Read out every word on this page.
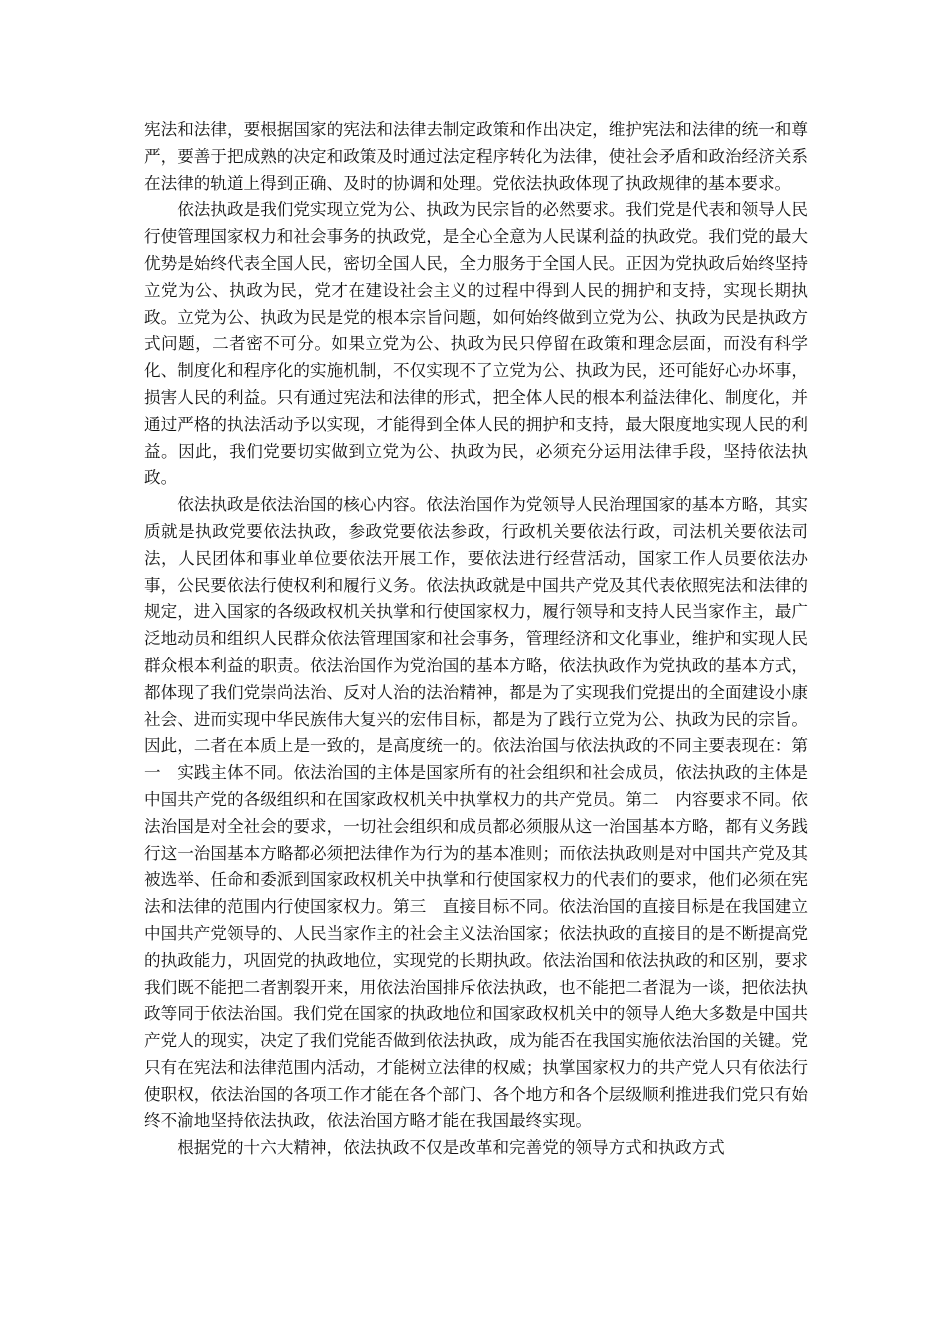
宪法和法律，要根据国家的宪法和法律去制定政策和作出决定，维护宪法和法律的统一和尊严，要善于把成熟的决定和政策及时通过法定程序转化为法律，使社会矛盾和政治经济关系在法律的轨道上得到正确、及时的协调和处理。党依法执政体现了执政规律的基本要求。

依法执政是我们党实现立党为公、执政为民宗旨的必然要求。我们党是代表和领导人民行使管理国家权力和社会事务的执政党，是全心全意为人民谋利益的执政党。我们党的最大优势是始终代表全国人民，密切全国人民，全力服务于全国人民。正因为党执政后始终坚持立党为公、执政为民，党才在建设社会主义的过程中得到人民的拥护和支持，实现长期执政。立党为公、执政为民是党的根本宗旨问题，如何始终做到立党为公、执政为民是执政方式问题，二者密不可分。如果立党为公、执政为民只停留在政策和理念层面，而没有科学化、制度化和程序化的实施机制，不仅实现不了立党为公、执政为民，还可能好心办坏事，损害人民的利益。只有通过宪法和法律的形式，把全体人民的根本利益法律化、制度化，并通过严格的执法活动予以实现，才能得到全体人民的拥护和支持，最大限度地实现人民的利益。因此，我们党要切实做到立党为公、执政为民，必须充分运用法律手段，坚持依法执政。

依法执政是依法治国的核心内容。依法治国作为党领导人民治理国家的基本方略，其实质就是执政党要依法执政，参政党要依法参政，行政机关要依法行政，司法机关要依法司法，人民团体和事业单位要依法开展工作，要依法进行经营活动，国家工作人员要依法办事，公民要依法行使权利和履行义务。依法执政就是中国共产党及其代表依照宪法和法律的规定，进入国家的各级政权机关执掌和行使国家权力，履行领导和支持人民当家作主，最广泛地动员和组织人民群众依法管理国家和社会事务，管理经济和文化事业，维护和实现人民群众根本利益的职责。依法治国作为党治国的基本方略，依法执政作为党执政的基本方式，都体现了我们党崇尚法治、反对人治的法治精神，都是为了实现我们党提出的全面建设小康社会、进而实现中华民族伟大复兴的宏伟目标，都是为了践行立党为公、执政为民的宗旨。因此，二者在本质上是一致的，是高度统一的。依法治国与依法执政的不同主要表现在：第一　实践主体不同。依法治国的主体是国家所有的社会组织和社会成员，依法执政的主体是中国共产党的各级组织和在国家政权机关中执掌权力的共产党员。第二　内容要求不同。依法治国是对全社会的要求，一切社会组织和成员都必须服从这一治国基本方略，都有义务践行这一治国基本方略都必须把法律作为行为的基本准则；而依法执政则是对中国共产党及其被选举、任命和委派到国家政权机关中执掌和行使国家权力的代表们的要求，他们必须在宪法和法律的范围内行使国家权力。第三　直接目标不同。依法治国的直接目标是在我国建立中国共产党领导的、人民当家作主的社会主义法治国家；依法执政的直接目的是不断提高党的执政能力，巩固党的执政地位，实现党的长期执政。依法治国和依法执政的和区别，要求我们既不能把二者割裂开来，用依法治国排斥依法执政，也不能把二者混为一谈，把依法执政等同于依法治国。我们党在国家的执政地位和国家政权机关中的领导人绝大多数是中国共产党人的现实，决定了我们党能否做到依法执政，成为能否在我国实施依法治国的关键。党只有在宪法和法律范围内活动，才能树立法律的权威；执掌国家权力的共产党人只有依法行使职权，依法治国的各项工作才能在各个部门、各个地方和各个层级顺利推进我们党只有始终不渝地坚持依法执政，依法治国方略才能在我国最终实现。

根据党的十六大精神，依法执政不仅是改革和完善党的领导方式和执政方式
